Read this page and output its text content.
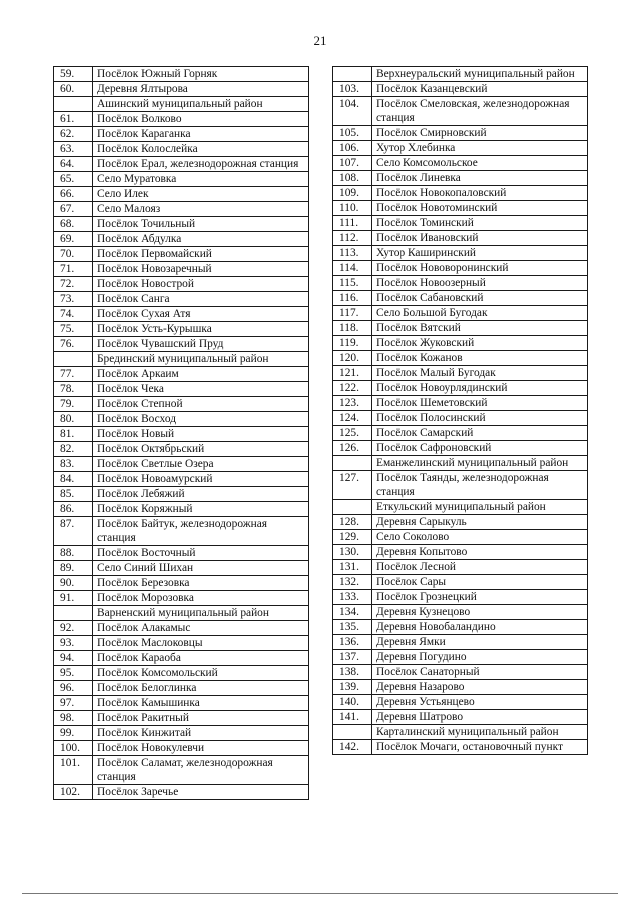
21
59.	Посёлок Южный Горняк
60.	Деревня Ялтырова
	Ашинский муниципальный район
61.	Посёлок Волково
62.	Посёлок Караганка
63.	Посёлок Колослейка
64.	Посёлок Ерал, железнодорожная станция
65.	Село Муратовка
66.	Село Илек
67.	Село Малояз
68.	Посёлок Точильный
69.	Посёлок Абдулка
70.	Посёлок Первомайский
71.	Посёлок Новозаречный
72.	Посёлок Новострой
73.	Посёлок Санга
74.	Посёлок Сухая Атя
75.	Посёлок Усть-Курышка
76.	Посёлок Чувашский Пруд
	Брединский муниципальный район
77.	Посёлок Аркаим
78.	Посёлок Чека
79.	Посёлок Степной
80.	Посёлок Восход
81.	Посёлок Новый
82.	Посёлок Октябрьский
83.	Посёлок Светлые Озера
84.	Посёлок Новоамурский
85.	Посёлок Лебяжий
86.	Посёлок Коряжный
87.	Посёлок Байтук, железнодорожная станция
88.	Посёлок Восточный
89.	Село Синий Шихан
90.	Посёлок Березовка
91.	Посёлок Морозовка
	Варненский муниципальный район
92.	Посёлок Алакамыс
93.	Посёлок Маслоковцы
94.	Посёлок Караоба
95.	Посёлок Комсомольский
96.	Посёлок Белоглинка
97.	Посёлок Камышинка
98.	Посёлок Ракитный
99.	Посёлок Кинжитай
100.	Посёлок Новокулевчи
101.	Посёлок Саламат, железнодорожная станция
102.	Посёлок Заречье
	Верхнеуральский муниципальный район
103.	Посёлок Казанцевский
104.	Посёлок Смеловская, железнодорожная станция
105.	Посёлок Смирновский
106.	Хутор Хлебинка
107.	Село Комсомольское
108.	Посёлок Линевка
109.	Посёлок Новокопаловский
110.	Посёлок Новотоминский
111.	Посёлок Томинский
112.	Посёлок Ивановский
113.	Хутор Каширинский
114.	Посёлок Нововоронинский
115.	Посёлок Новоозерный
116.	Посёлок Сабановский
117.	Село Большой Бугодак
118.	Посёлок Вятский
119.	Посёлок Жуковский
120.	Посёлок Кожанов
121.	Посёлок Малый Бугодак
122.	Посёлок Новоурлядинский
123.	Посёлок Шеметовский
124.	Посёлок Полосинский
125.	Посёлок Самарский
126.	Посёлок Сафроновский
	Еманжелинский муниципальный район
127.	Посёлок Таянды, железнодорожная станция
	Еткульский муниципальный район
128.	Деревня Сарыкуль
129.	Село Соколово
130.	Деревня Копытово
131.	Посёлок Лесной
132.	Посёлок Сары
133.	Посёлок Грознецкий
134.	Деревня Кузнецово
135.	Деревня Новобаландино
136.	Деревня Ямки
137.	Деревня Погудино
138.	Посёлок Санаторный
139.	Деревня Назарово
140.	Деревня Устьянцево
141.	Деревня Шатрово
	Карталинский муниципальный район
142.	Посёлок Мочаги, остановочный пункт
